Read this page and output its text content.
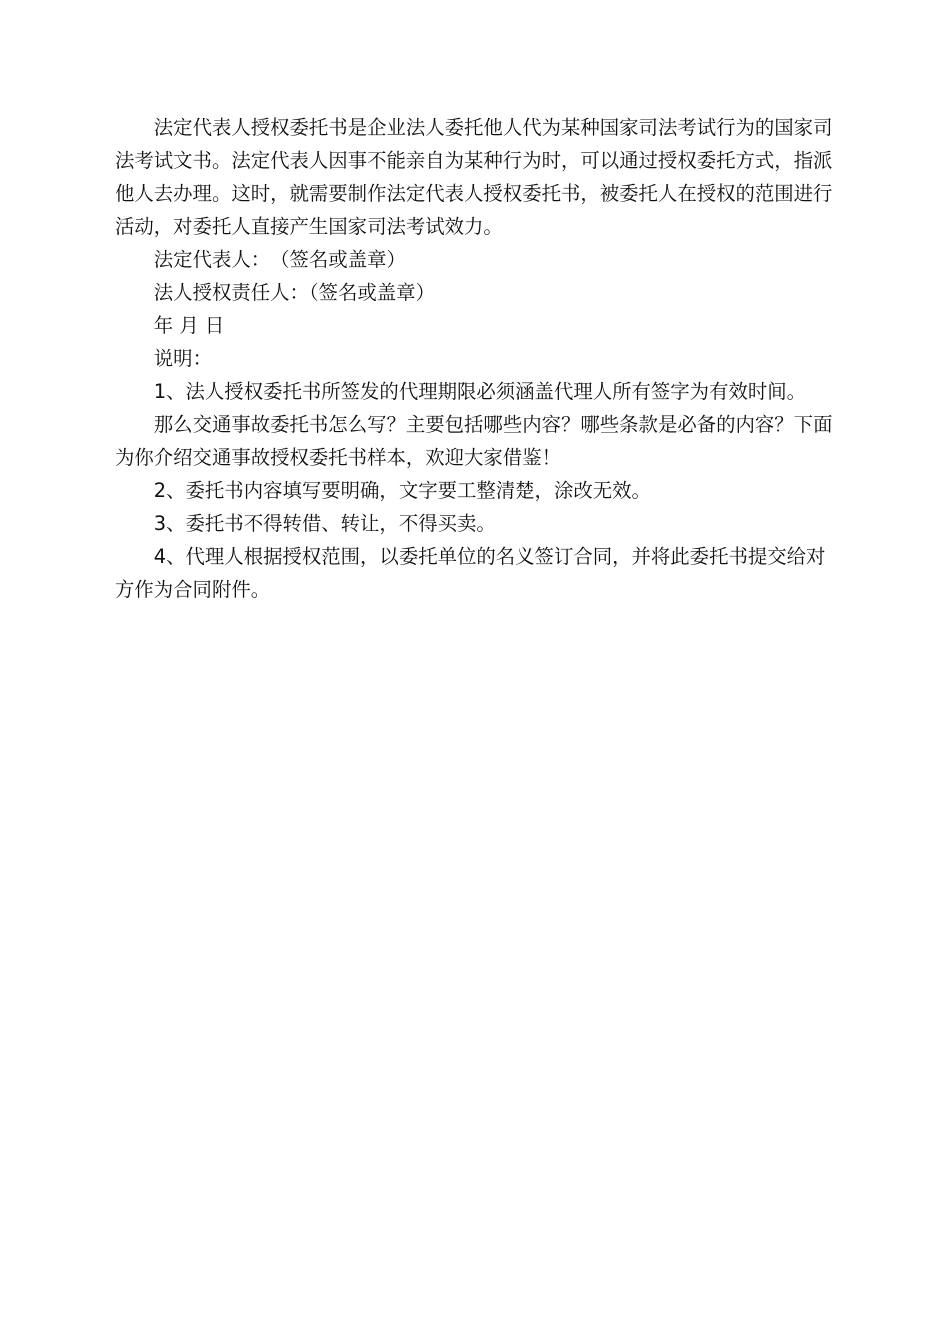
法定代表人授权委托书是企业法人委托他人代为某种国家司法考试行为的国家司法考试文书。法定代表人因事不能亲自为某种行为时，可以通过授权委托方式，指派他人去办理。这时，就需要制作法定代表人授权委托书，被委托人在授权的范围进行活动，对委托人直接产生国家司法考试效力。

法定代表人：　（签名或盖章）

法人授权责任人：（签名或盖章）

年 月 日

说明：

1、法人授权委托书所签发的代理期限必须涵盖代理人所有签字为有效时间。

那么交通事故委托书怎么写？主要包括哪些内容？哪些条款是必备的内容？下面为你介绍交通事故授权委托书样本，欢迎大家借鉴！

2、委托书内容填写要明确，文字要工整清楚，涂改无效。

3、委托书不得转借、转让，不得买卖。

4、代理人根据授权范围，以委托单位的名义签订合同，并将此委托书提交给对方作为合同附件。
